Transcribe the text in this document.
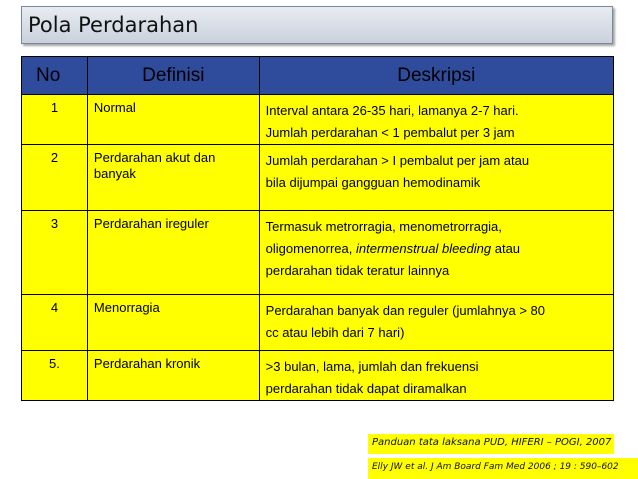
Pola Perdarahan
No	Definisi	Deskripsi
1	Normal	Interval antara 26-35 hari, lamanya 2-7 hari.
Jumlah perdarahan < 1 pembalut per 3 jam

2	Perdarahan akut dan banyak	Jumlah perdarahan > I pembalut per jam atau
bila dijumpai gangguan hemodinamik

3	Perdarahan ireguler	Termasuk metrorragia, menometrorragia,
oligomenorrea, intermenstrual bleeding atau
perdarahan tidak teratur lainnya

4	Menorragia	Perdarahan banyak dan reguler (jumlahnya > 80
cc atau lebih dari 7 hari)

5.	Perdarahan kronik	>3 bulan, lama, jumlah dan frekuensi
perdarahan tidak dapat diramalkan
Panduan tata laksana PUD, HIFERI – POGI, 2007
Elly JW et al. J Am Board Fam Med 2006 ; 19 : 590–602
